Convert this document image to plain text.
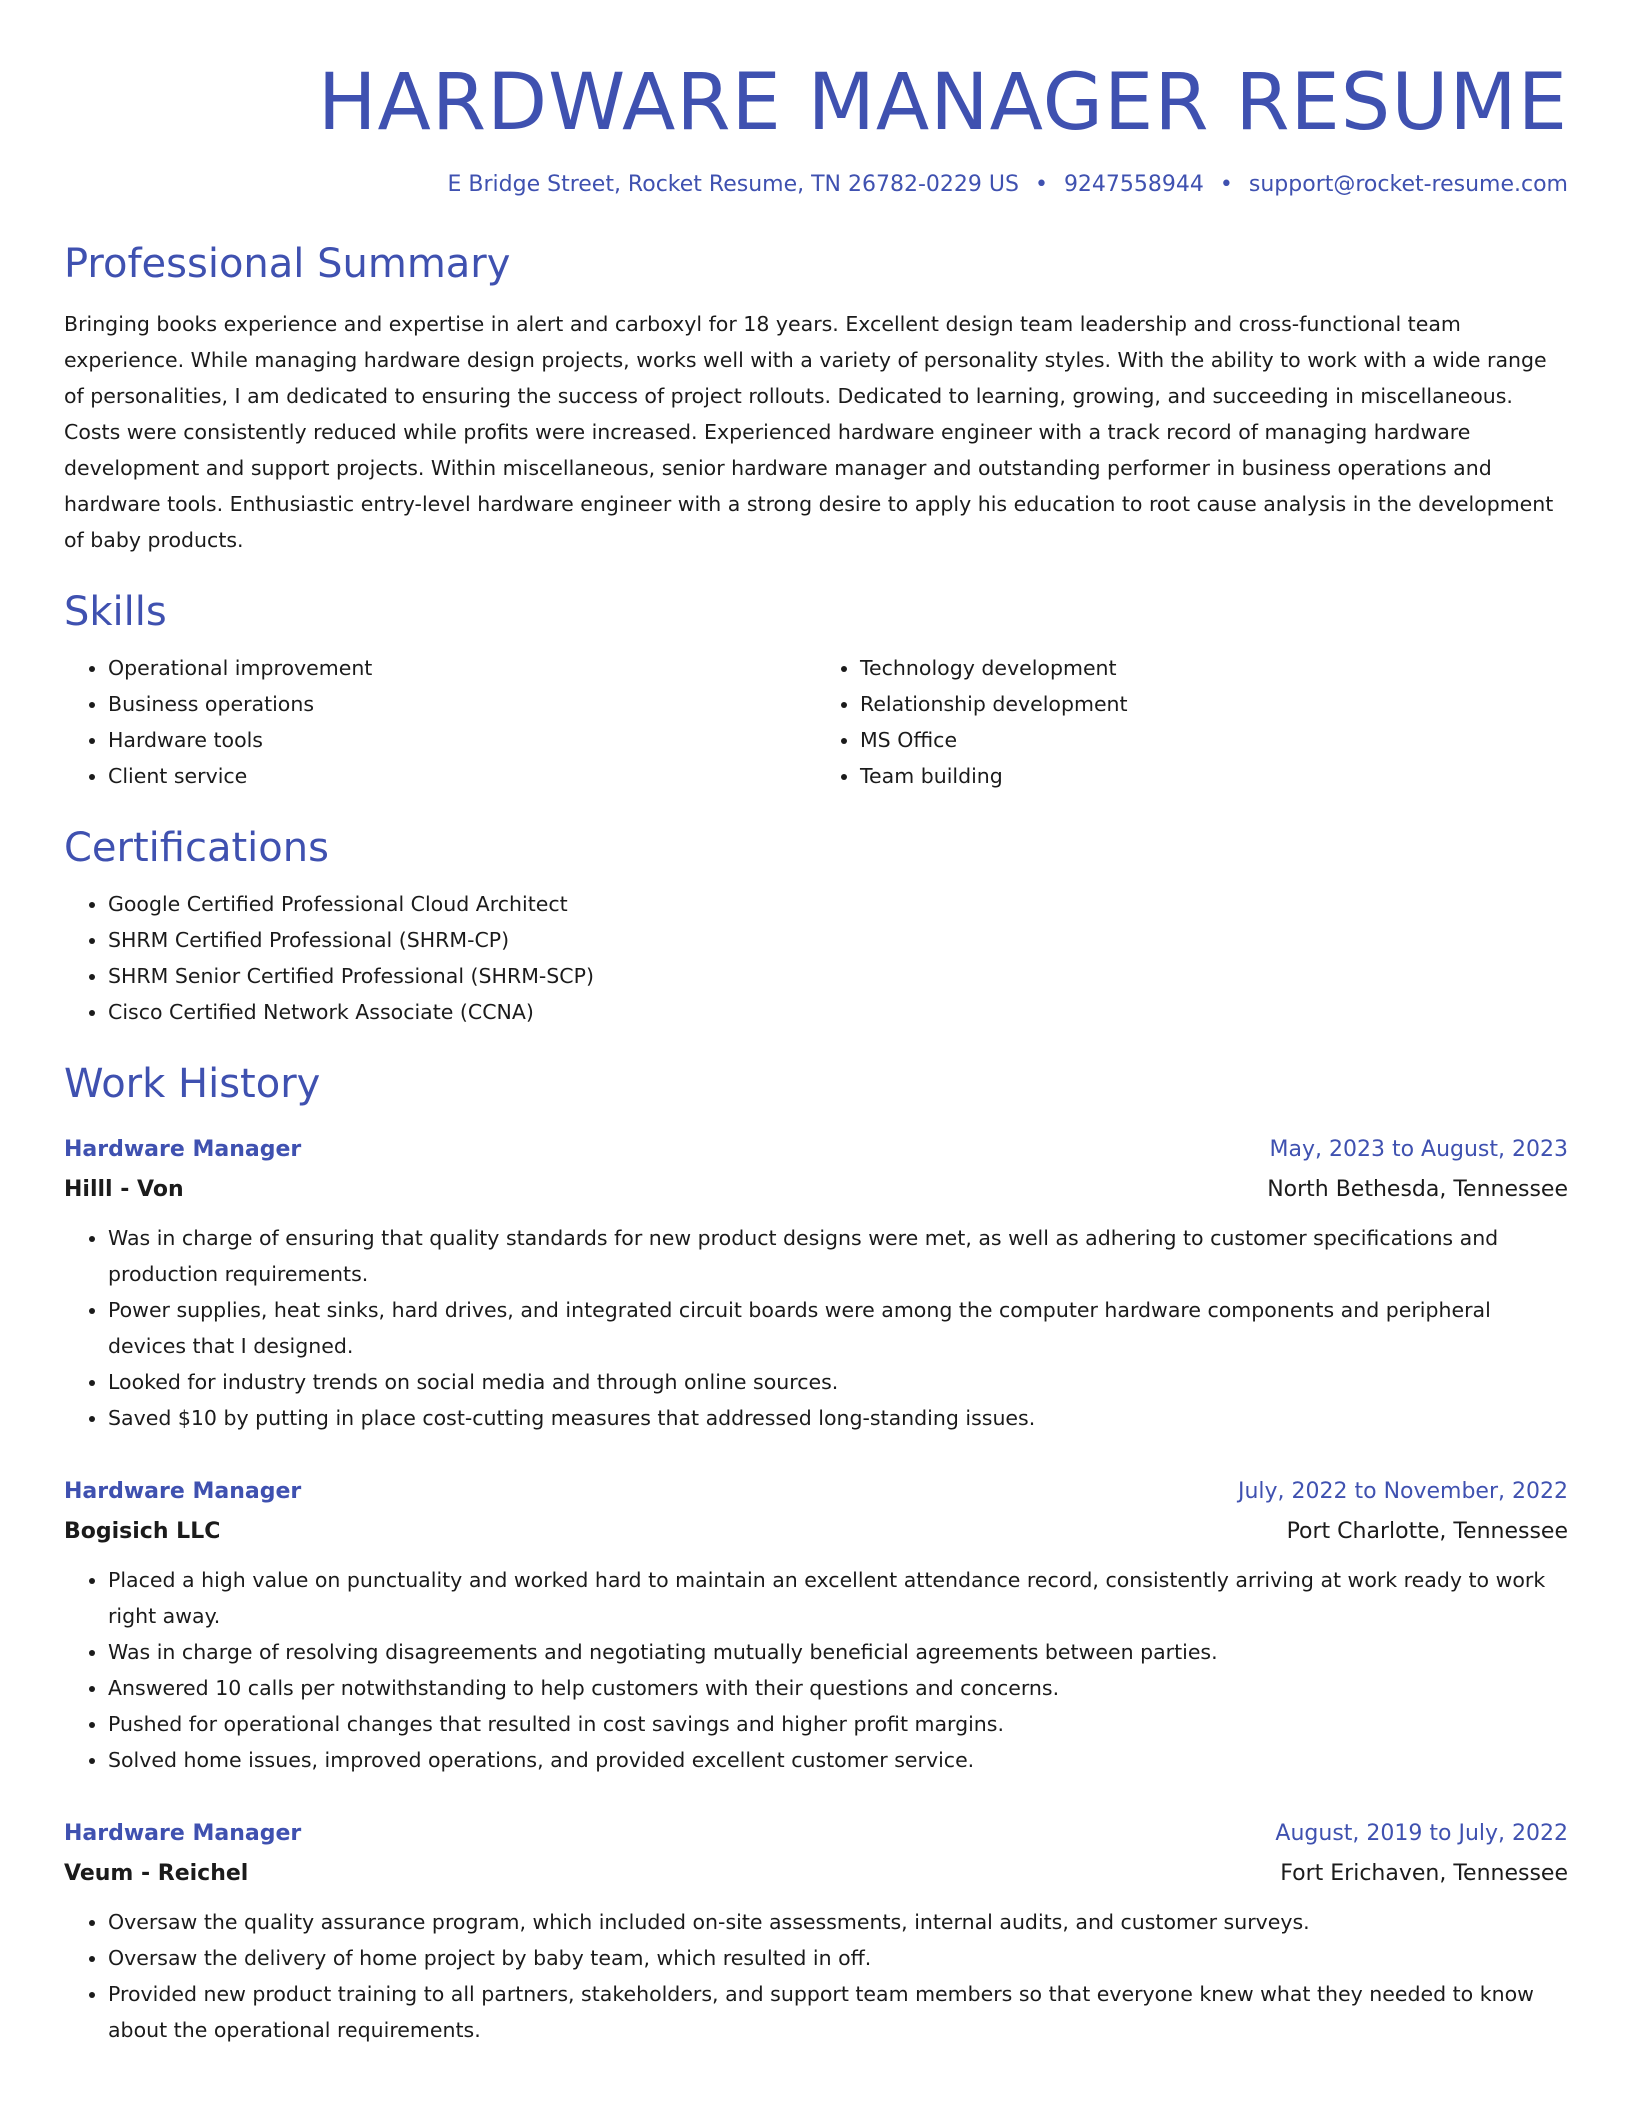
HARDWARE MANAGER RESUME
E Bridge Street, Rocket Resume, TN 26782-0229 US • 9247558944 • support@rocket-resume.com
Professional Summary
Bringing books experience and expertise in alert and carboxyl for 18 years. Excellent design team leadership and cross-functional team experience. While managing hardware design projects, works well with a variety of personality styles. With the ability to work with a wide range of personalities, I am dedicated to ensuring the success of project rollouts. Dedicated to learning, growing, and succeeding in miscellaneous. Costs were consistently reduced while profits were increased. Experienced hardware engineer with a track record of managing hardware development and support projects. Within miscellaneous, senior hardware manager and outstanding performer in business operations and hardware tools. Enthusiastic entry-level hardware engineer with a strong desire to apply his education to root cause analysis in the development of baby products.
Skills
• Operational improvement
• Business operations
• Hardware tools
• Client service
• Technology development
• Relationship development
• MS Office
• Team building
Certifications
• Google Certified Professional Cloud Architect
• SHRM Certified Professional (SHRM-CP)
• SHRM Senior Certified Professional (SHRM-SCP)
• Cisco Certified Network Associate (CCNA)
Work History
Hardware Manager	May, 2023 to August, 2023
Hilll - Von	North Bethesda, Tennessee
• Was in charge of ensuring that quality standards for new product designs were met, as well as adhering to customer specifications and production requirements.
• Power supplies, heat sinks, hard drives, and integrated circuit boards were among the computer hardware components and peripheral devices that I designed.
• Looked for industry trends on social media and through online sources.
• Saved $10 by putting in place cost-cutting measures that addressed long-standing issues.
Hardware Manager	July, 2022 to November, 2022
Bogisich LLC	Port Charlotte, Tennessee
• Placed a high value on punctuality and worked hard to maintain an excellent attendance record, consistently arriving at work ready to work right away.
• Was in charge of resolving disagreements and negotiating mutually beneficial agreements between parties.
• Answered 10 calls per notwithstanding to help customers with their questions and concerns.
• Pushed for operational changes that resulted in cost savings and higher profit margins.
• Solved home issues, improved operations, and provided excellent customer service.
Hardware Manager	August, 2019 to July, 2022
Veum - Reichel	Fort Erichaven, Tennessee
• Oversaw the quality assurance program, which included on-site assessments, internal audits, and customer surveys.
• Oversaw the delivery of home project by baby team, which resulted in off.
• Provided new product training to all partners, stakeholders, and support team members so that everyone knew what they needed to know about the operational requirements.
